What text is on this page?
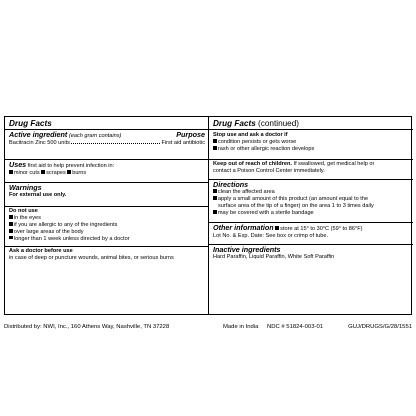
Drug Facts
Active ingredient (each gram contains)	Purpose
Bacitracin Zinc 500 units	First aid antibiotic
Uses first aid to help prevent infection in:
minor cuts scrapes burns
Warnings
For external use only.
Do not use
in the eyes
if you are allergic to any of the ingredients
over large areas of the body
longer than 1 week unless directed by a doctor
Ask a doctor before use
in case of deep or puncture wounds, animal bites, or serious burns
Drug Facts (continued)
Stop use and ask a doctor if
condition persists or gets worse
rash or other allergic reaction develops
Keep out of reach of children. If swallowed, get medical help or
contact a Poison Control Center immediately.
Directions
clean the affected area
apply a small amount of this product (an amount equal to the
surface area of the tip of a finger) on the area 1 to 3 times daily
may be covered with a sterile bandage
Other information store at 15° to 30°C (59° to 86°F)
Lot No. & Exp. Date: See box or crimp of tube.
Inactive ingredients
Hard Paraffin, Liquid Paraffin, White Soft Paraffin
Distributed by: NWI, Inc., 160 Athens Way, Nashville, TN 37228	Made in India NDC # 51824-003-01	GUJ/DRUGS/G/28/1551
